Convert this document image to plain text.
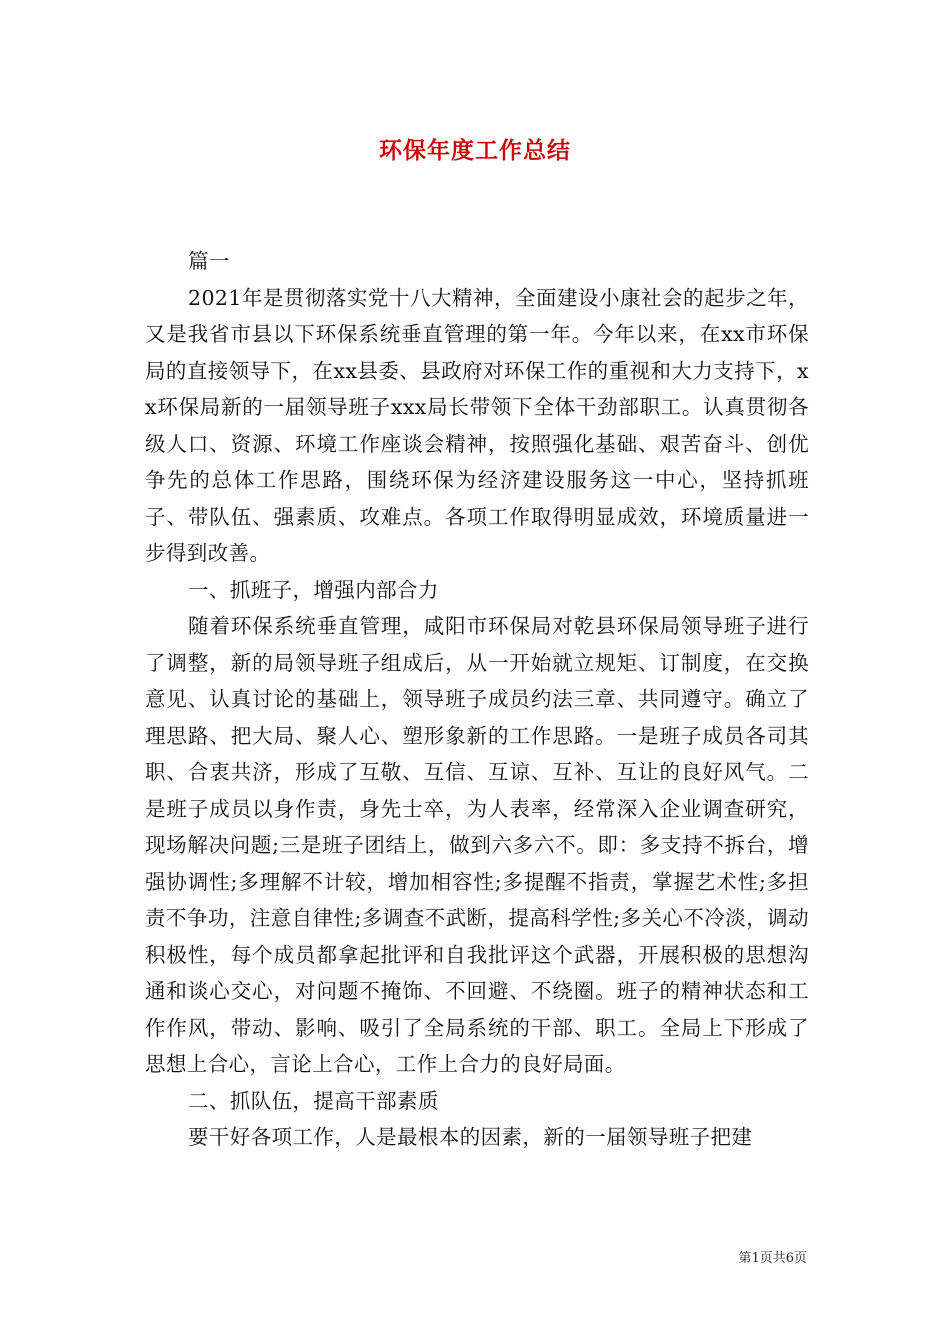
环保年度工作总结

篇一

2021年是贯彻落实党十八大精神，全面建设小康社会的起步之年，又是我省市县以下环保系统垂直管理的第一年。今年以来，在xx市环保局的直接领导下，在xx县委、县政府对环保工作的重视和大力支持下，xx环保局新的一届领导班子xxx局长带领下全体干劲部职工。认真贯彻各级人口、资源、环境工作座谈会精神，按照强化基础、艰苦奋斗、创优争先的总体工作思路，围绕环保为经济建设服务这一中心，坚持抓班子、带队伍、强素质、攻难点。各项工作取得明显成效，环境质量进一步得到改善。

一、抓班子，增强内部合力

随着环保系统垂直管理，咸阳市环保局对乾县环保局领导班子进行了调整，新的局领导班子组成后，从一开始就立规矩、订制度，在交换意见、认真讨论的基础上，领导班子成员约法三章、共同遵守。确立了理思路、把大局、聚人心、塑形象新的工作思路。一是班子成员各司其职、合衷共济，形成了互敬、互信、互谅、互补、互让的良好风气。二是班子成员以身作责，身先士卒，为人表率，经常深入企业调查研究，现场解决问题;三是班子团结上，做到六多六不。即：多支持不拆台，增强协调性;多理解不计较，增加相容性;多提醒不指责，掌握艺术性;多担责不争功，注意自律性;多调查不武断，提高科学性;多关心不冷淡，调动积极性，每个成员都拿起批评和自我批评这个武器，开展积极的思想沟通和谈心交心，对问题不掩饰、不回避、不绕圈。班子的精神状态和工作作风，带动、影响、吸引了全局系统的干部、职工。全局上下形成了思想上合心，言论上合心，工作上合力的良好局面。

二、抓队伍，提高干部素质

要干好各项工作，人是最根本的因素，新的一届领导班子把建

第1页共6页
